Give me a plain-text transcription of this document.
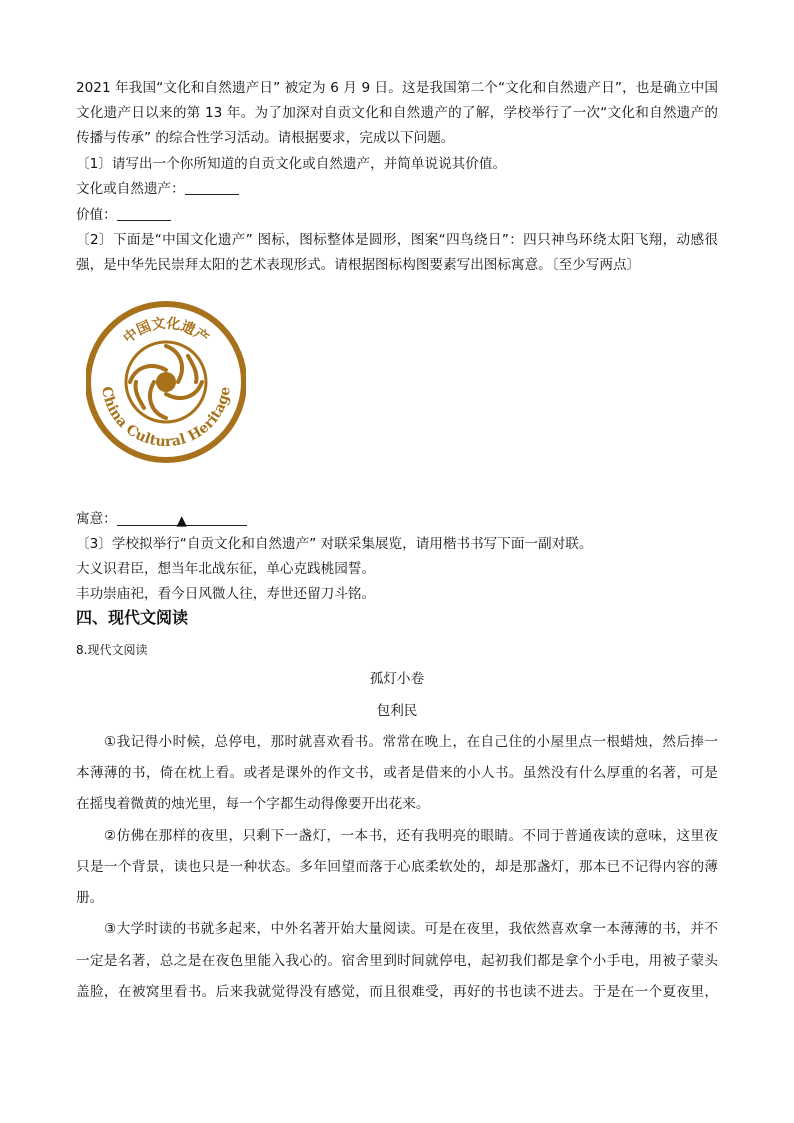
2021 年我国“文化和自然遗产日” 被定为 6 月 9 日。这是我国第二个“文化和自然遗产日”，也是确立中国
文化遗产日以来的第 13 年。为了加深对自贡文化和自然遗产的了解，学校举行了一次“文化和自然遗产的
传播与传承” 的综合性学习活动。请根据要求，完成以下问题。
〔1〕请写出一个你所知道的自贡文化或自然遗产，并简单说说其价值。
文化或自然遗产：
价值：
〔2〕下面是“中国文化遗产” 图标，图标整体是圆形，图案“四鸟绕日”：四只神鸟环绕太阳飞翔，动感很
强，是中华先民崇拜太阳的艺术表现形式。请根据图标构图要素写出图标寓意。〔至少写两点〕
中国文化遗产
China Cultural Heritage
寓意：	▲
〔3〕学校拟举行“自贡文化和自然遗产” 对联采集展览，请用楷书书写下面一副对联。
大义识君臣，想当年北战东征，单心克践桃园誓。
丰功崇庙祀，看今日风微人往，寿世还留刀斗铭。
四、现代文阅读
8.现代文阅读
孤灯小卷
包利民
①我记得小时候，总停电，那时就喜欢看书。常常在晚上，在自己住的小屋里点一根蜡烛，然后捧一
本薄薄的书，倚在枕上看。或者是课外的作文书，或者是借来的小人书。虽然没有什么厚重的名著，可是
在摇曳着微黄的烛光里，每一个字都生动得像要开出花来。
②仿佛在那样的夜里，只剩下一盏灯，一本书，还有我明亮的眼睛。不同于普通夜读的意味，这里夜
只是一个背景，读也只是一种状态。多年回望而落于心底柔软处的，却是那盏灯，那本已不记得内容的薄
册。
③大学时读的书就多起来，中外名著开始大量阅读。可是在夜里，我依然喜欢拿一本薄薄的书，并不
一定是名著，总之是在夜色里能入我心的。宿舍里到时间就停电，起初我们都是拿个小手电，用被子蒙头
盖脸，在被窝里看书。后来我就觉得没有感觉，而且很难受，再好的书也读不进去。于是在一个夏夜里，
